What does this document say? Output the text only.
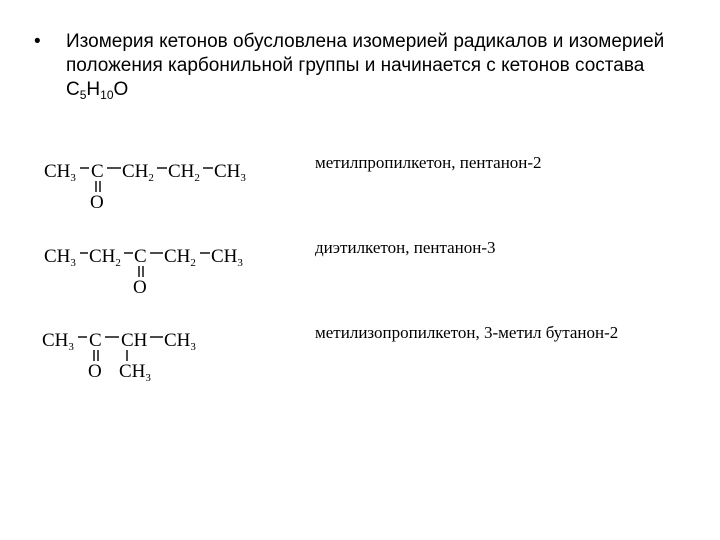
• Изомерия кетонов обусловлена изомерией радикалов и изомерией положения карбонильной группы и начинается с кетонов состава $С_5Н_{10}О$
$CH_3$ C $CH_2$ $CH_2$ $CH_3$
O
метилпропилкетон, пентанон-2
$CH_3$ $CH_2$ C $CH_2$ $CH_3$
O
диэтилкетон, пентанон-3
$CH_3$ C CH $CH_3$
O $CH_3$
метилизопропилкетон, 3-метил бутанон-2
